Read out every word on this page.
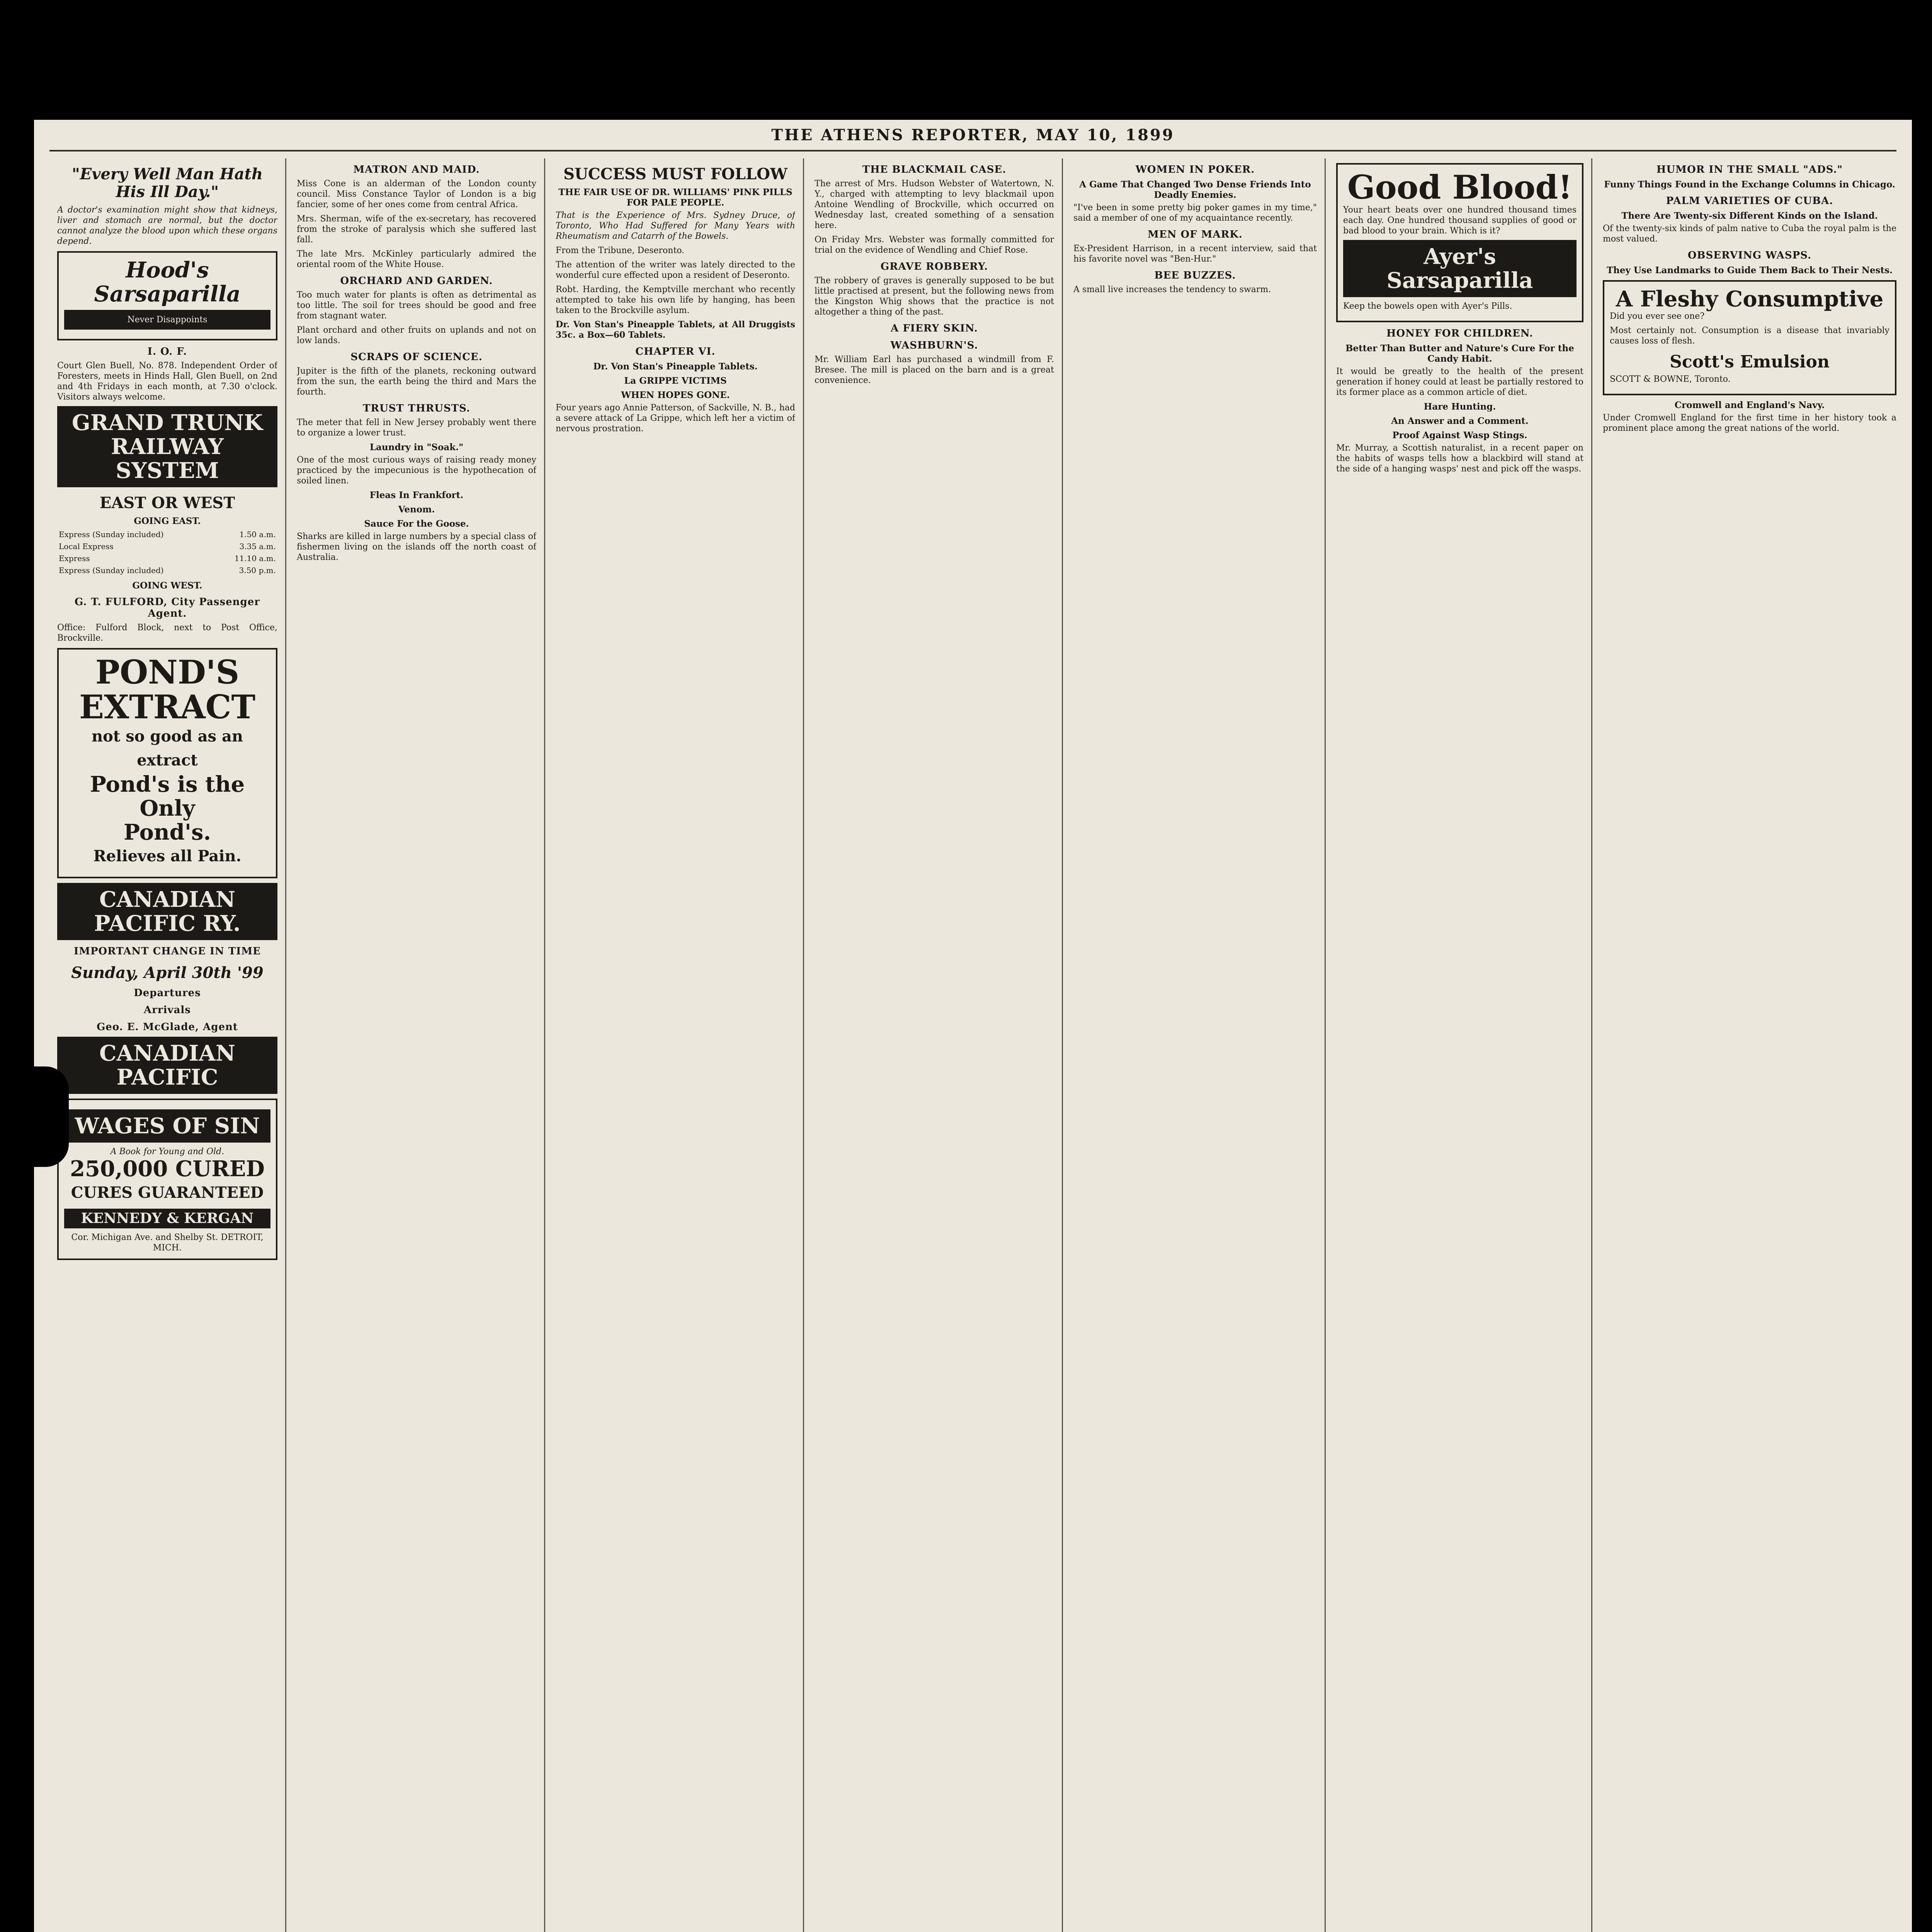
THE ATHENS REPORTER, MAY 10, 1899
"Every Well Man Hath His Ill Day."

A doctor's examination might show that kidneys, liver and stomach are normal, but the doctor cannot analyze the blood upon which these organs depend.

Hood's Sarsaparilla
Never Disappoints
I. O. F.

Court Glen Buell, No. 878. Independent Order of Foresters, meets in Hinds Hall, Glen Buell, on 2nd and 4th Fridays in each month, at 7.30 o'clock. Visitors always welcome.

GRAND TRUNK RAILWAY SYSTEM
EAST OR WEST
GOING EAST.
Express (Sunday included)	1.50 a.m.
Local Express	3.35 a.m.
Express	11.10 a.m.
Express (Sunday included)	3.50 p.m.
GOING WEST.
G. T. FULFORD, City Passenger Agent.

Office: Fulford Block, next to Post Office, Brockville.

POND'S
EXTRACT
not so good as an extract
Pond's is the Only
Pond's.
Relieves all Pain.
CANADIAN PACIFIC RY.
IMPORTANT CHANGE IN TIME
Sunday, April 30th '99
Departures
Arrivals
Geo. E. McGlade, Agent
CANADIAN PACIFIC
WAGES OF SIN
A Book for Young and Old.
250,000 CURED
CURES GUARANTEED
KENNEDY & KERGAN
Cor. Michigan Ave. and Shelby St. DETROIT, MICH.
MATRON AND MAID.

Miss Cone is an alderman of the London county council. Miss Constance Taylor of London is a big fancier, some of her ones come from central Africa.

Mrs. Sherman, wife of the ex-secretary, has recovered from the stroke of paralysis which she suffered last fall.

The late Mrs. McKinley particularly admired the oriental room of the White House.

ORCHARD AND GARDEN.

Too much water for plants is often as detrimental as too little. The soil for trees should be good and free from stagnant water.

Plant orchard and other fruits on uplands and not on low lands.

SCRAPS OF SCIENCE.

Jupiter is the fifth of the planets, reckoning outward from the sun, the earth being the third and Mars the fourth.

TRUST THRUSTS.

The meter that fell in New Jersey probably went there to organize a lower trust.

Laundry in "Soak."

One of the most curious ways of raising ready money practiced by the impecunious is the hypothecation of soiled linen.

Fleas In Frankfort.
Venom.
Sauce For the Goose.

Sharks are killed in large numbers by a special class of fishermen living on the islands off the north coast of Australia.

SUCCESS MUST FOLLOW
THE FAIR USE OF DR. WILLIAMS' PINK PILLS FOR PALE PEOPLE.

That is the Experience of Mrs. Sydney Druce, of Toronto, Who Had Suffered for Many Years with Rheumatism and Catarrh of the Bowels.

From the Tribune, Deseronto.

The attention of the writer was lately directed to the wonderful cure effected upon a resident of Deseronto.

Robt. Harding, the Kemptville merchant who recently attempted to take his own life by hanging, has been taken to the Brockville asylum.

Dr. Von Stan's Pineapple Tablets, at All Druggists 35c. a Box—60 Tablets.

CHAPTER VI.
Dr. Von Stan's Pineapple Tablets.
La GRIPPE VICTIMS
WHEN HOPES GONE.

Four years ago Annie Patterson, of Sackville, N. B., had a severe attack of La Grippe, which left her a victim of nervous prostration.

THE BLACKMAIL CASE.

The arrest of Mrs. Hudson Webster of Watertown, N. Y., charged with attempting to levy blackmail upon Antoine Wendling of Brockville, which occurred on Wednesday last, created something of a sensation here.

On Friday Mrs. Webster was formally committed for trial on the evidence of Wendling and Chief Rose.

GRAVE ROBBERY.

The robbery of graves is generally supposed to be but little practised at present, but the following news from the Kingston Whig shows that the practice is not altogether a thing of the past.

A FIERY SKIN.
WASHBURN'S.

Mr. William Earl has purchased a windmill from F. Bresee. The mill is placed on the barn and is a great convenience.

WOMEN IN POKER.
A Game That Changed Two Dense Friends Into Deadly Enemies.

"I've been in some pretty big poker games in my time," said a member of one of my acquaintance recently.

MEN OF MARK.

Ex-President Harrison, in a recent interview, said that his favorite novel was "Ben-Hur."

BEE BUZZES.

A small live increases the tendency to swarm.

Good Blood!

Your heart beats over one hundred thousand times each day. One hundred thousand supplies of good or bad blood to your brain. Which is it?

Ayer's Sarsaparilla

Keep the bowels open with Ayer's Pills.

HONEY FOR CHILDREN.
Better Than Butter and Nature's Cure For the Candy Habit.

It would be greatly to the health of the present generation if honey could at least be partially restored to its former place as a common article of diet.

Hare Hunting.
An Answer and a Comment.
Proof Against Wasp Stings.

Mr. Murray, a Scottish naturalist, in a recent paper on the habits of wasps tells how a blackbird will stand at the side of a hanging wasps' nest and pick off the wasps.

HUMOR IN THE SMALL "ADS."
Funny Things Found in the Exchange Columns in Chicago.
PALM VARIETIES OF CUBA.
There Are Twenty-six Different Kinds on the Island.

Of the twenty-six kinds of palm native to Cuba the royal palm is the most valued.

OBSERVING WASPS.
They Use Landmarks to Guide Them Back to Their Nests.
A Fleshy Consumptive

Did you ever see one?

Most certainly not. Consumption is a disease that invariably causes loss of flesh.

Scott's Emulsion

SCOTT & BOWNE, Toronto.

Cromwell and England's Navy.

Under Cromwell England for the first time in her history took a prominent place among the great nations of the world.
